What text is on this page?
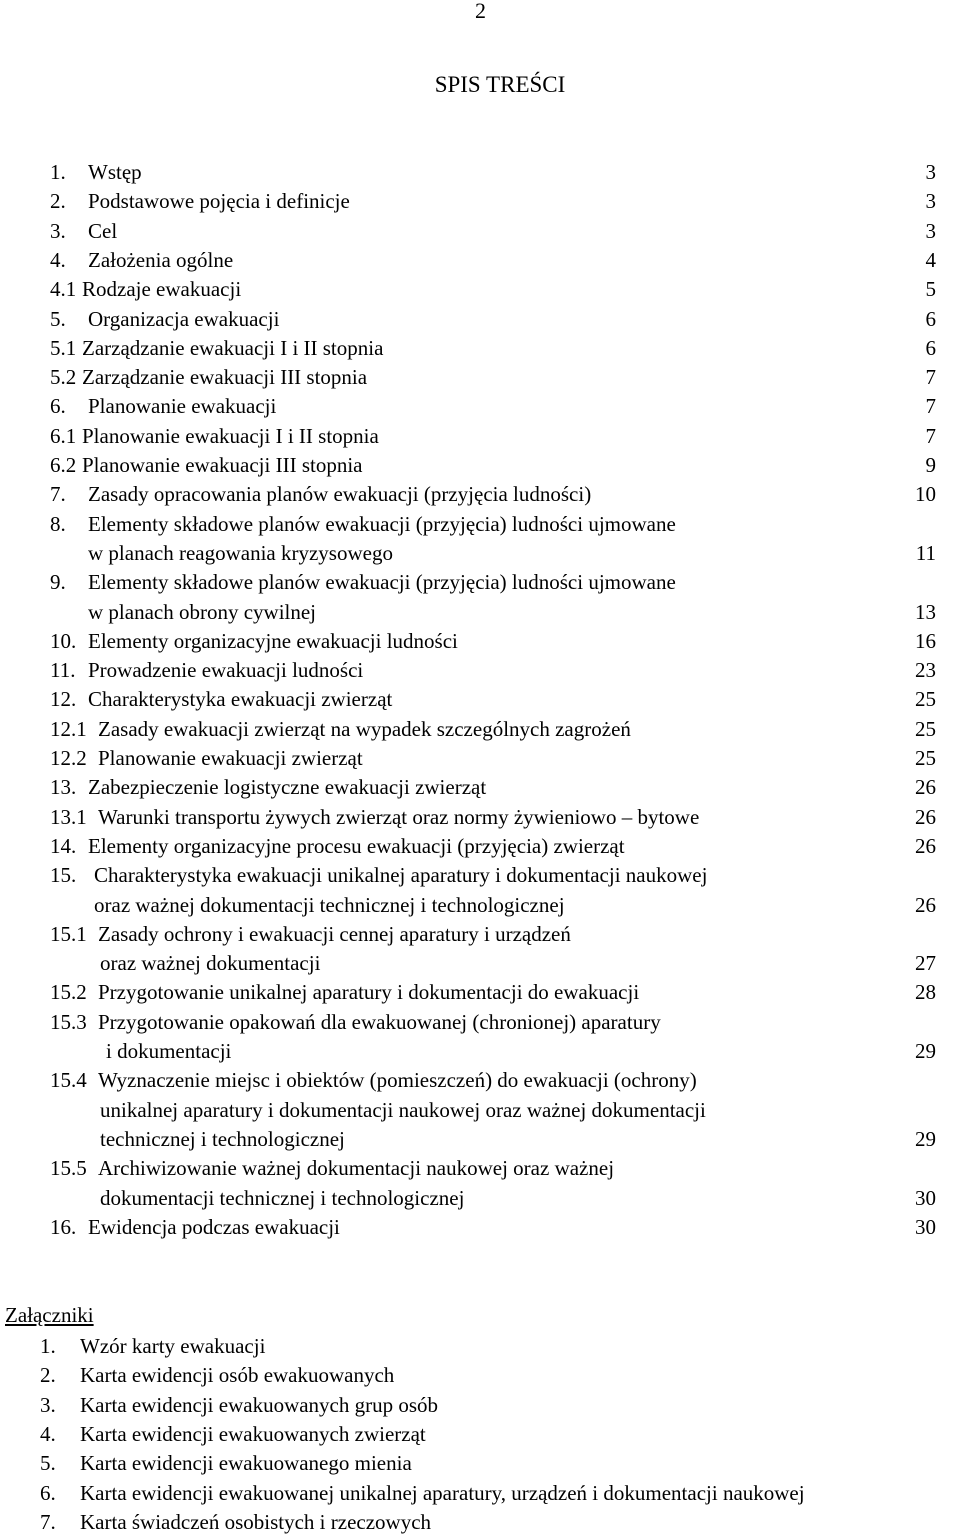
2
SPIS TREŚCI
1. Wstęp	3
2. Podstawowe pojęcia i definicje	3
3. Cel	3
4. Założenia ogólne	4
4.1 Rodzaje ewakuacji	5
5. Organizacja ewakuacji	6
5.1 Zarządzanie ewakuacji I i II stopnia	6
5.2 Zarządzanie ewakuacji III stopnia	7
6. Planowanie ewakuacji	7
6.1 Planowanie ewakuacji I i II stopnia	7
6.2 Planowanie ewakuacji III stopnia	9
7. Zasady opracowania planów ewakuacji (przyjęcia ludności)	10
8. Elementy składowe planów ewakuacji (przyjęcia) ludności ujmowane
w planach reagowania kryzysowego	11
9. Elementy składowe planów ewakuacji (przyjęcia) ludności ujmowane
w planach obrony cywilnej	13
10. Elementy organizacyjne ewakuacji ludności	16
11. Prowadzenie ewakuacji ludności	23
12. Charakterystyka ewakuacji zwierząt	25
12.1 Zasady ewakuacji zwierząt na wypadek szczególnych zagrożeń	25
12.2 Planowanie ewakuacji zwierząt	25
13. Zabezpieczenie logistyczne ewakuacji zwierząt	26
13.1 Warunki transportu żywych zwierząt oraz normy żywieniowo – bytowe	26
14. Elementy organizacyjne procesu ewakuacji (przyjęcia) zwierząt	26
15. Charakterystyka ewakuacji unikalnej aparatury i dokumentacji naukowej
oraz ważnej dokumentacji technicznej i technologicznej	26
15.1 Zasady ochrony i ewakuacji cennej aparatury i urządzeń
oraz ważnej dokumentacji	27
15.2 Przygotowanie unikalnej aparatury i dokumentacji do ewakuacji	28
15.3 Przygotowanie opakowań dla ewakuowanej (chronionej) aparatury
i dokumentacji	29
15.4 Wyznaczenie miejsc i obiektów (pomieszczeń) do ewakuacji (ochrony)
unikalnej aparatury i dokumentacji naukowej oraz ważnej dokumentacji
technicznej i technologicznej	29
15.5 Archiwizowanie ważnej dokumentacji naukowej oraz ważnej
dokumentacji technicznej i technologicznej	30
16. Ewidencja podczas ewakuacji	30
Załączniki
1. Wzór karty ewakuacji
2. Karta ewidencji osób ewakuowanych
3. Karta ewidencji ewakuowanych grup osób
4. Karta ewidencji ewakuowanych zwierząt
5. Karta ewidencji ewakuowanego mienia
6. Karta ewidencji ewakuowanej unikalnej aparatury, urządzeń i dokumentacji naukowej
7. Karta świadczeń osobistych i rzeczowych
